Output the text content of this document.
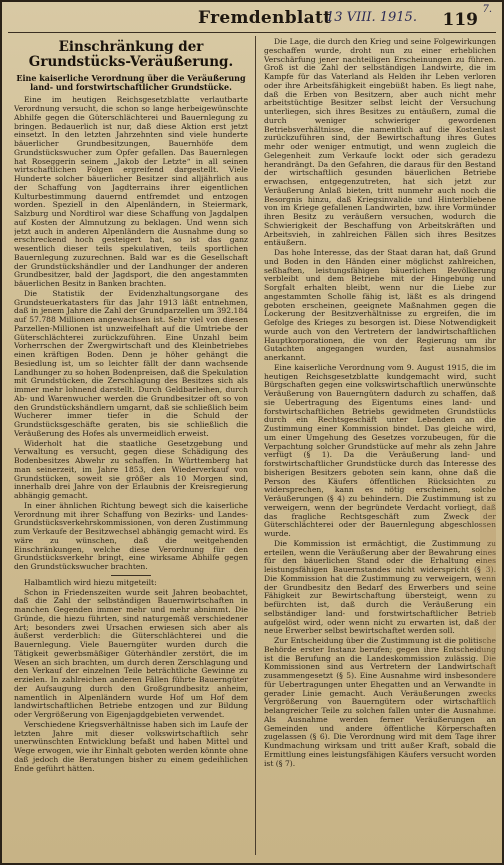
Fremdenblatt
13 VIII. 1915. 119
7.
Einschränkung der Grundstücks-Veräußerung.
Eine kaiserliche Verordnung über die Veräußerung land- und forstwirtschaftlicher Grundstücke.

Eine im heutigen Reichsgesetzblatte verlautbarte Verordnung versucht, die schon so lange herbeigewünschte Abhilfe gegen die Güterschlächterei und Bauernlegung zu bringen. Bedauerlich ist nur, daß diese Aktion erst jetzt einsetzt. In den letzten Jahrzehnten sind viele hunderte bäuerlicher Grundbesitzungen, Bauernhöfe dem Grundstückswucher zum Opfer gefallen. Das Bauernlegen hat Roseggerin seinem „Jakob der Letzte“ in all seinen wirtschaftlichen Folgen ergreifend dargestellt. Viele Hunderte solcher bäuerlicher Besitzer sind alljährlich aus der Schaffung von Jagdterrains ihrer eigentlichen Kulturbestimmung dauernd entfremdet und entzogen worden. Speziell in den Alpenländern, in Steiermark, Salzburg und Nordtirol war diese Schaffung von Jagdalpen auf Kosten der Almnutzung zu beklagen. Und wenn sich jetzt auch in anderen Alpenländern die Ausnahme dung so erschreckend hoch gesteigert hat, so ist das ganz wesentlich dieser teils spekulativen, teils sportlichen Bauernlegung zuzurechnen. Bald war es die Gesellschaft der Grundstückshändler und der Landhunger der anderen Grundbesitzer, bald der Jagdsport, die den angestammten bäuerlichen Besitz in Banken brachten.

Die Statistik der Evidenzhaltungsorgane des Grundsteuerkatasters für das Jahr 1913 läßt entnehmen, daß in jenem Jahre die Zahl der Grundparzellen um 392.184 auf 57.788 Millionen angewachsen ist. Sehr viel von diesen Parzellen-Millionen ist unzweifelhaft auf die Umtriebe der Güterschlächterei zurückzuführen. Eine Unzahl beim Vorherrschen der Zwergwirtschaft und des Kleinbetriebes einen kräftigen Boden. Denn je höher gehängt die Besiedlung ist, um so leichter fällt der dann wachsende Landhunger zu so hohen Bodenpreisen, daß die Spekulation mit Grundstücken, die Zerschlagung des Besitzes sich als immer mehr lohnend darstellt. Durch Geldbarleihen, durch Ab- und Warenwucher werden die Grundbesitzer oft so von den Grundstückshändlern umgarnt, daß sie schließlich beim Wucherer immer tiefer in die Schuld der Grundstücksgeschäfte geraten, bis sie schließlich die Veräußerung des Hofes als unvermeidlich erweist.

Widerholt hat die staatliche Gesetzgebung und Verwaltung es versucht, gegen diese Schädigung des Bodenbesitzes Abwehr zu schaffen. In Württemberg hat man seinerzeit, im Jahre 1853, den Wiederverkauf von Grundstücken, soweit sie größer als 10 Morgen sind, innerhalb drei Jahre von der Erlaubnis der Kreisregierung abhängig gemacht.

In einer ähnlichen Richtung bewegt sich die kaiserliche Verordnung mit ihrer Schaffung von Bezirks- und Landes-Grundstücksverkehrskommissionen, von deren Zustimmung zum Verkaufe der Besitzwechsel abhängig gemacht wird. Es wäre zu wünschen, daß die weitgehenden Einschränkungen, welche diese Verordnung für den Grundstücksverkehr bringt, eine wirksame Abhilfe gegen den Grundstückswucher brachten.

Halbamtlich wird hiezu mitgeteilt:

Schon in Friedenszeiten wurde seit Jahren beobachtet, daß die Zahl der selbständigen Bauernwirtschaften in manchen Gegenden immer mehr und mehr abnimmt. Die Gründe, die hiezu führten, sind naturgemäß verschiedener Art; besonders zwei Ursachen erwiesen sich aber als äußerst verderblich: die Güterschlächterei und die Bauernlegung. Viele Bauerngüter wurden durch die Tätigkeit gewerbsmäßiger Güterhändler zerstört, die im Wesen an sich brachten, um durch deren Zerschlagung und den Verkauf der einzelnen Teile beträchtliche Gewinne zu erzielen. In zahlreichen anderen Fällen führte Bauerngüter der Aufsaugung durch den Großgrundbesitz anheim, namentlich in Alpenländern wurde Hof um Hof dem landwirtschaftlichen Betriebe entzogen und zur Bildung oder Vergrößerung von Eigenjagdgebieten verwendet.

Verschiedene Kriegsverhältnisse haben sich im Laufe der letzten Jahre mit dieser volkswirtschaftlich sehr unerwünschten Entwicklung befaßt und haben Mittel und Wege erwogen, wie ihr Einhalt geboten werden könnte ohne daß jedoch die Beratungen bisher zu einem gedeihlichen Ende geführt hätten.

Die Lage, die durch den Krieg und seine Folgewirkungen geschaffen wurde, droht nun zu einer erheblichen Verschärfung jener nachteiligen Erscheinungen zu führen. Groß ist die Zahl der selbständigen Landwirte, die im Kampfe für das Vaterland als Helden ihr Leben verloren oder ihre Arbeitsfähigkeit eingebüßt haben. Es liegt nahe, daß die Erben von Besitzern, aber auch nicht mehr arbeitstüchtige Besitzer selbst leicht der Versuchung unterliegen, sich ihres Besitzes zu entäußern, zumal die durch weniger schwieriger gewordenen Betriebsverhältnisse, die namentlich auf die Kostenlast zurückzuführen sind, der Bewirtschaftung ihres Gutes mehr oder weniger entmutigt, und wenn zugleich die Gelegenheit zum Verkaufe lockt oder sich geradezu herandrängt. Da den Gefahren, die daraus für den Bestand der wirtschaftlich gesunden bäuerlichen Betriebe erwachsen, entgegenzutreten, hat sich jetzt zur Veräußerung Anlaß bieten, tritt nunmehr auch noch die Besorgnis hinzu, daß Kriegsinvalide und Hinterbliebene von im Kriege gefallenen Landwirten, bzw. ihre Vormünder ihren Besitz zu veräußern versuchen, wodurch die Schwierigkeit der Beschaffung von Arbeitskräften und Arbeitsvieh, in zahlreichen Fällen sich ihres Besitzes entäußern.

Das hohe Interesse, das der Staat daran hat, daß Grund und Boden in den Händen einer möglichst zahlreichen, seßhaften, leistungsfähigen bäuerlichen Bevölkerung verbleibt und dem Betriebe mit der Hingebung und Sorgfalt erhalten bleibt, wenn nur die Liebe zur angestammten Scholle fähig ist, läßt es als dringend geboten erscheinen, geeignete Maßnahmen gegen die Lockerung der Besitzverhältnisse zu ergreifen, die im Gefolge des Krieges zu besorgen ist. Diese Notwendigkeit wurde auch von den Vertretern der landwirtschaftlichen Hauptkorporationen, die von der Regierung um ihr Gutachten angegangen wurden, fast ausnahmslos anerkannt.

Eine kaiserliche Verordnung vom 9. August 1915, die im heutigen Reichsgesetzblatte kundgemacht wird, sucht Bürgschaften gegen eine volkswirtschaftlich unerwünschte Veräußerung von Bauerngütern dadurch zu schaffen, daß sie Uebertragung des Eigentums eines land- und forstwirtschaftlichen Betriebs gewidmeten Grundstücks durch ein Rechtsgeschäft unter Lebenden an die Zustimmung einer Kommission bindet. Das gleiche wird, um einer Umgehung des Gesetzes vorzubeugen, für die Verpachtung solcher Grundstücke auf mehr als zehn Jahre verfügt (§ 1). Da die Veräußerung land- und forstwirtschaftlicher Grundstücke durch das Interesse des bisherigen Besitzers geboten sein kann, ohne daß die Person des Käufers öffentlichen Rücksichten zu widersprechen, kann es nötig erscheinen, solche Veräußerungen (§ 4) zu behindern. Die Zustimmung ist zu verweigern, wenn der begründete Verdacht vorliegt, daß das fragliche Rechtsgeschäft zum Zweck der Güterschlächterei oder der Bauernlegung abgeschlossen wurde.

Die Kommission ist ermächtigt, die Zustimmung zu erteilen, wenn die Veräußerung aber der Bewahrung eines für den bäuerlichen Stand oder die Erhaltung eines leistungsfähigen Bauernstandes nicht widerspricht (§ 3). Die Kommission hat die Zustimmung zu verweigern, wenn der Grundbesitz den Bedarf des Erwerbers und seine Fähigkeit zur Bewirtschaftung übersteigt, wenn zu befürchten ist, daß durch die Veräußerung ein selbständiger land- und forstwirtschaftlicher Betrieb aufgelöst wird, oder wenn nicht zu erwarten ist, daß der neue Erwerber selbst bewirtschaftet werden soll.

Zur Entscheidung über die Zustimmung ist die politische Behörde erster Instanz berufen; gegen ihre Entscheidung ist die Berufung an die Landeskommission zulässig. Die Kommissionen sind aus Vertretern der Landwirtschaft zusammengesetzt (§ 5). Eine Ausnahme wird insbesondere für Uebertragungen unter Ehegatten und an Verwandte in gerader Linie gemacht. Auch Veräußerungen zwecks Vergrößerung von Bauerngütern oder wirtschaftlich belangreicher Teile zu solchen fallen unter die Ausnahme. Als Ausnahme werden ferner Veräußerungen an Gemeinden und andere öffentliche Körperschaften zugelassen (§ 6). Die Verordnung wird mit dem Tage ihrer Kundmachung wirksam und tritt außer Kraft, sobald die Ermittlung eines leistungsfähigen Käufers versucht worden ist (§ 7).
